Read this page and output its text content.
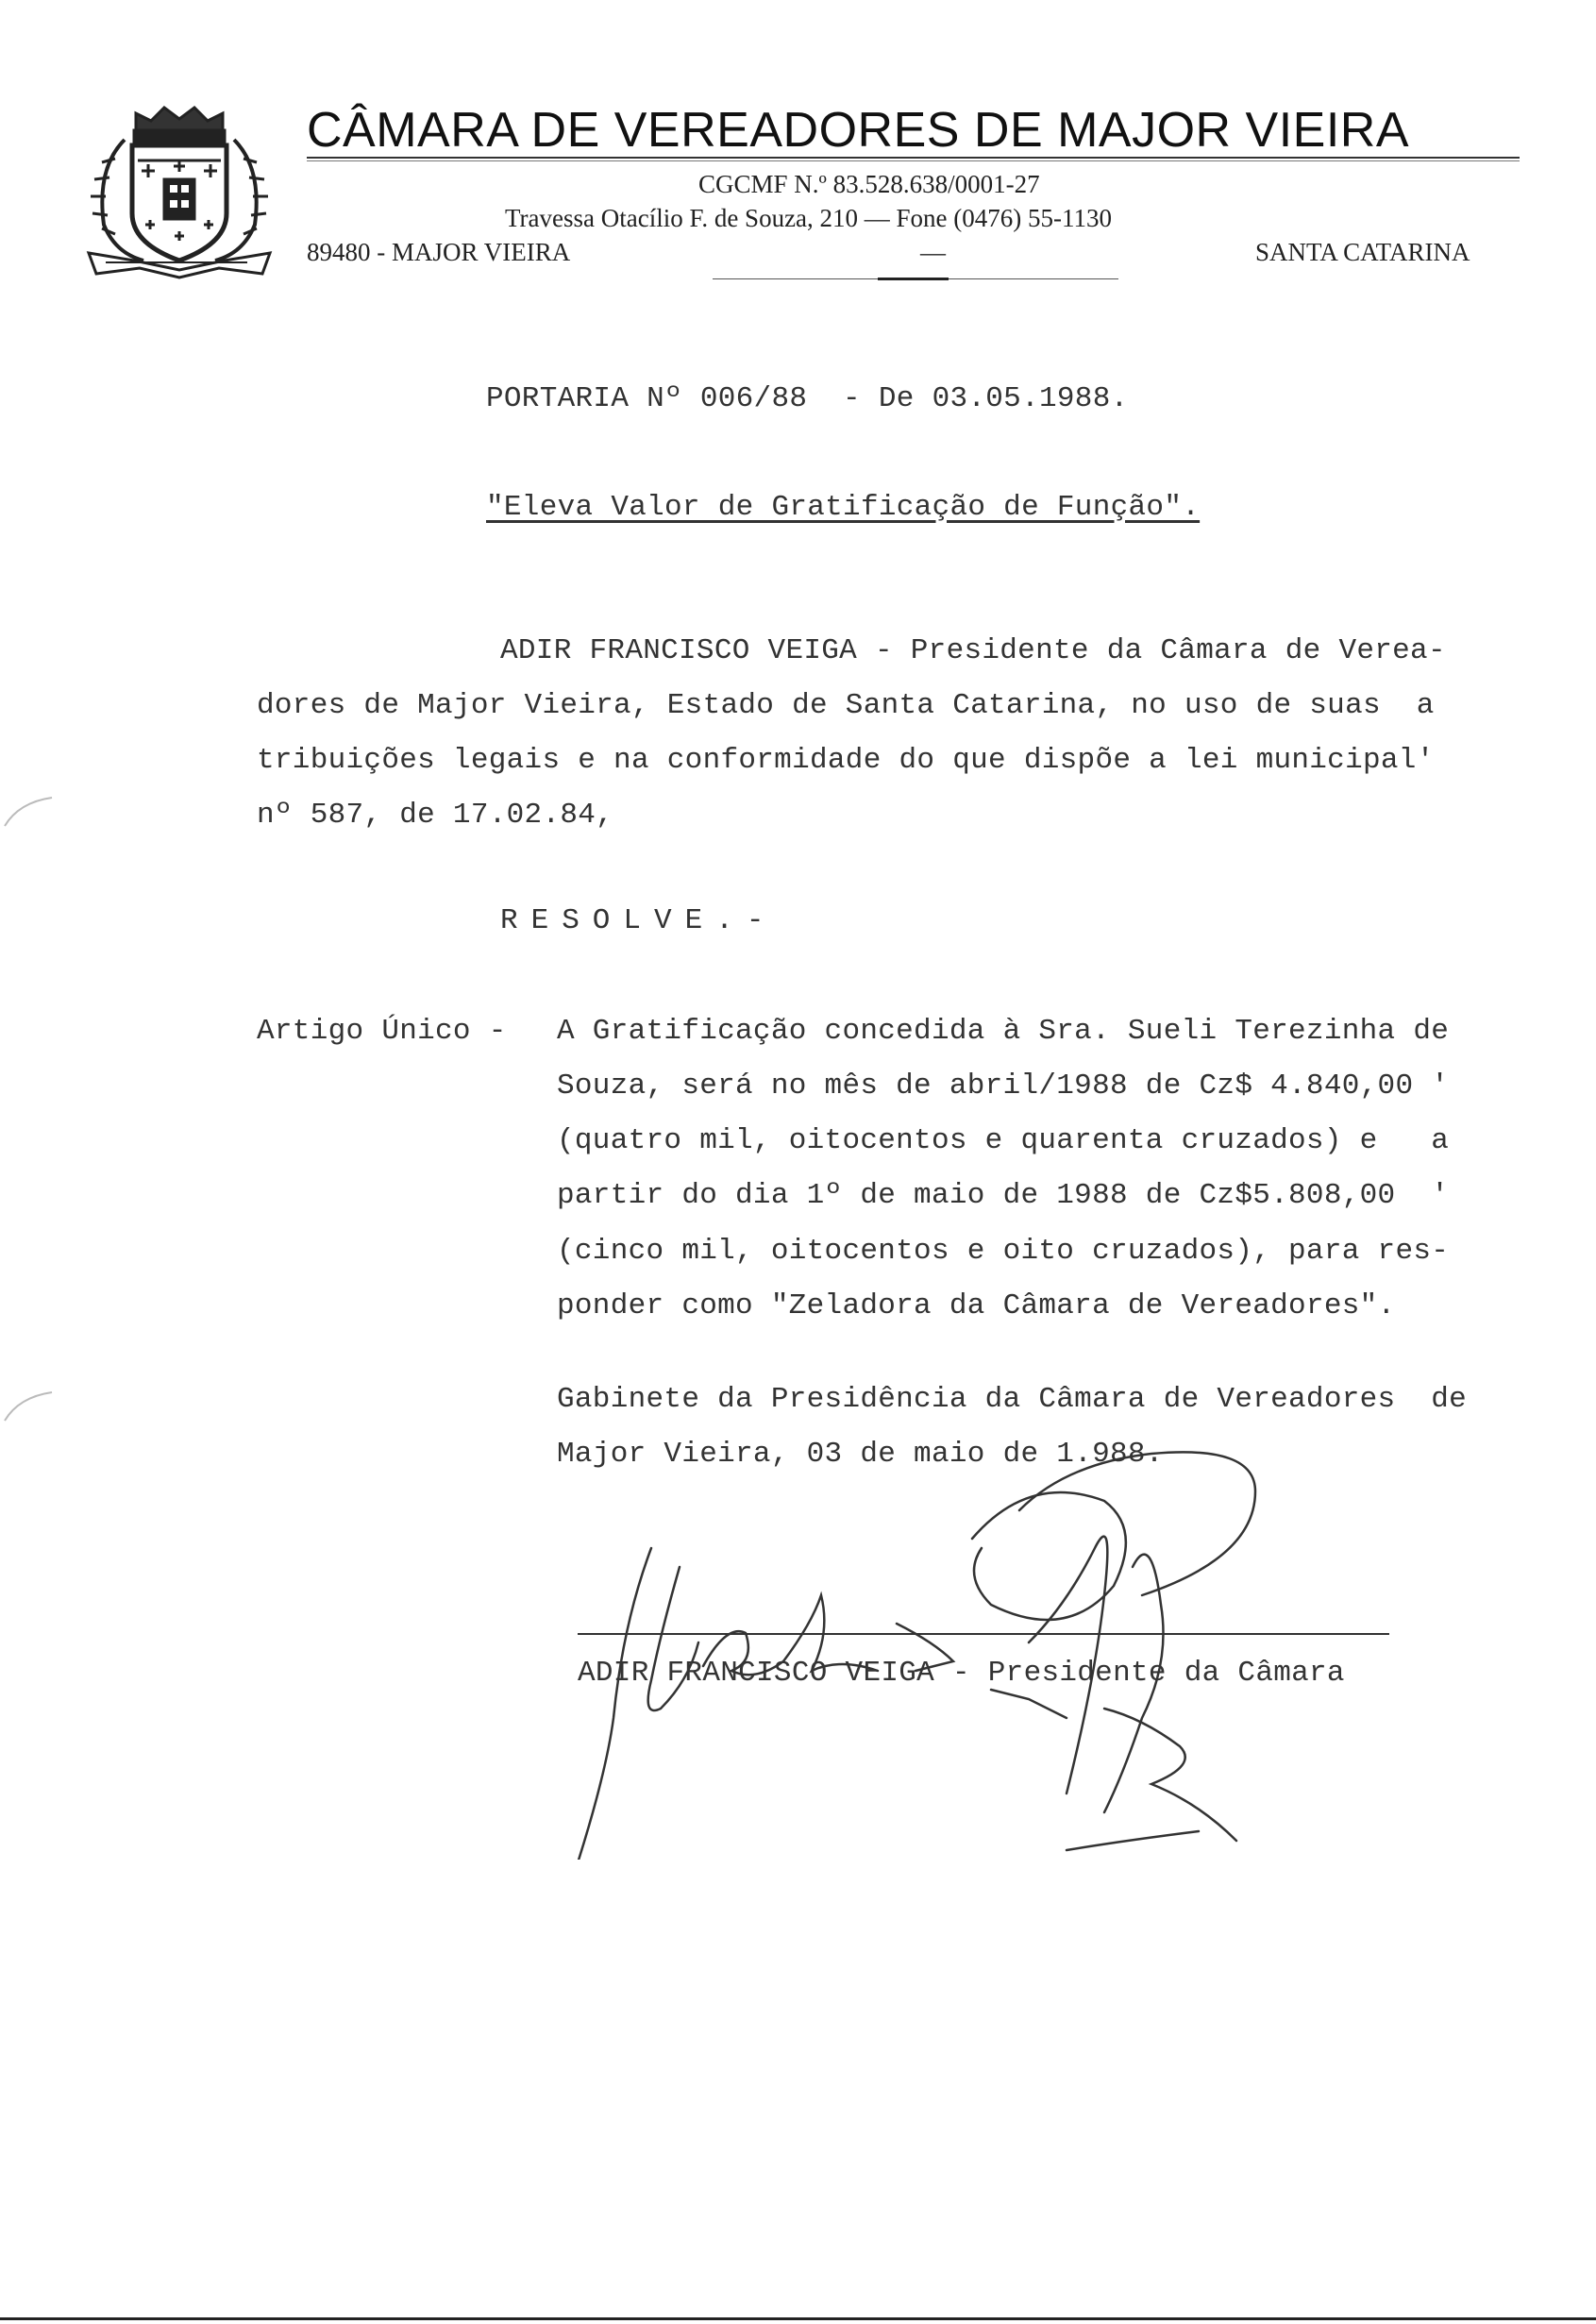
CÂMARA DE VEREADORES DE MAJOR VIEIRA
CGCMF N.º 83.528.638/0001-27
Travessa Otacílio F. de Souza, 210 — Fone (0476) 55-1130
89480 - MAJOR VIEIRA	—	SANTA CATARINA
PORTARIA Nº 006/88  - De 03.05.1988.
"Eleva Valor de Gratificação de Função".
ADIR FRANCISCO VEIGA - Presidente da Câmara de Verea-
dores de Major Vieira, Estado de Santa Catarina, no uso de suas  a
tribuições legais e na conformidade do que dispõe a lei municipal'
nº 587, de 17.02.84,
RESOLVE.-
Artigo Único - A Gratificação concedida à Sra. Sueli Terezinha de
Souza, será no mês de abril/1988 de Cz$ 4.840,00 '
(quatro mil, oitocentos e quarenta cruzados) e   a
partir do dia 1º de maio de 1988 de Cz$5.808,00  '
(cinco mil, oitocentos e oito cruzados), para res-
ponder como "Zeladora da Câmara de Vereadores".
Gabinete da Presidência da Câmara de Vereadores  de
Major Vieira, 03 de maio de 1.988.
ADIR FRANCISCO VEIGA - Presidente da Câmara
